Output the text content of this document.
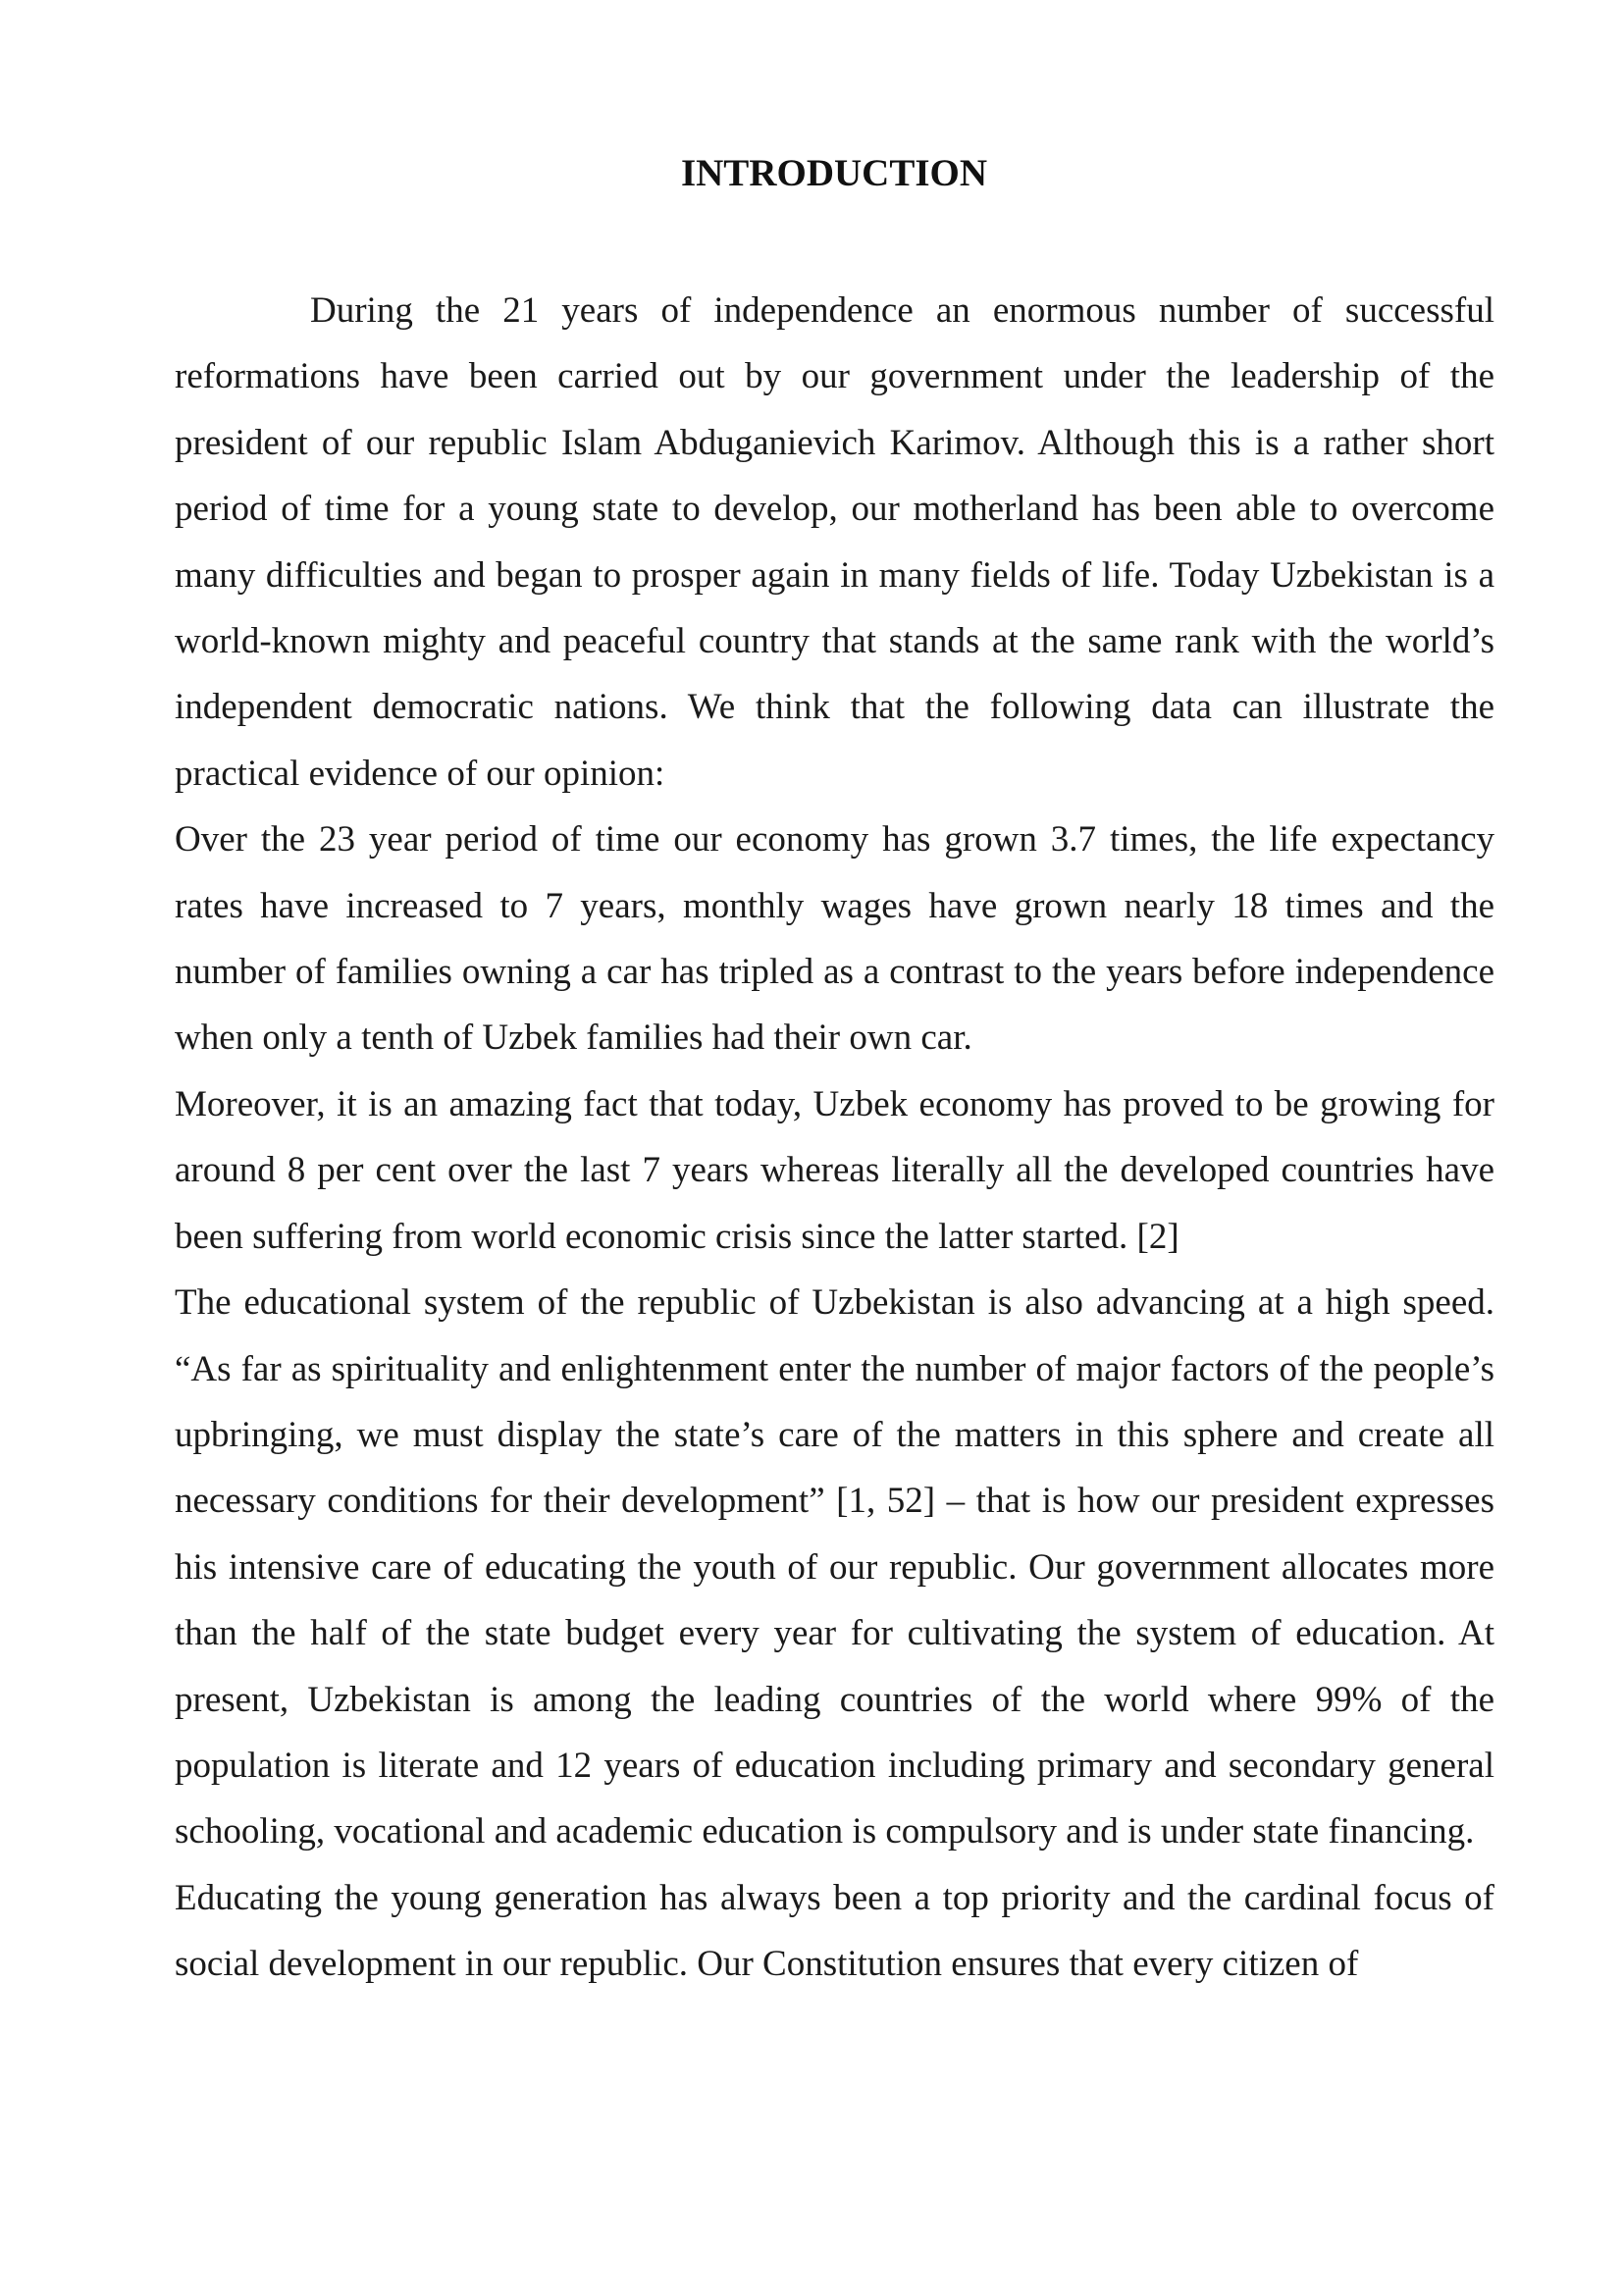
INTRODUCTION

During the 21 years of independence an enormous number of successful reformations have been carried out by our government under the leadership of the president of our republic Islam Abduganievich Karimov. Although this is a rather short period of time for a young state to develop, our motherland has been able to overcome many difficulties and began to prosper again in many fields of life. Today Uzbekistan is a world-known mighty and peaceful country that stands at the same rank with the world’s independent democratic nations. We think that the following data can illustrate the practical evidence of our opinion:

Over the 23 year period of time our economy has grown 3.7 times, the life expectancy rates have increased to 7 years, monthly wages have grown nearly 18 times and the number of families owning a car has tripled as a contrast to the years before independence when only a tenth of Uzbek families had their own car.

Moreover, it is an amazing fact that today, Uzbek economy has proved to be growing for around 8 per cent over the last 7 years whereas literally all the developed countries have been suffering from world economic crisis since the latter started. [2]

The educational system of the republic of Uzbekistan is also advancing at a high speed. “As far as spirituality and enlightenment enter the number of major factors of the people’s upbringing, we must display the state’s care of the matters in this sphere and create all necessary conditions for their development” [1, 52] – that is how our president expresses his intensive care of educating the youth of our republic. Our government allocates more than the half of the state budget every year for cultivating the system of education. At present, Uzbekistan is among the leading countries of the world where 99% of the population is literate and 12 years of education including primary and secondary general schooling, vocational and academic education is compulsory and is under state financing.

Educating the young generation has always been a top priority and the cardinal focus of social development in our republic. Our Constitution ensures that every citizen of
